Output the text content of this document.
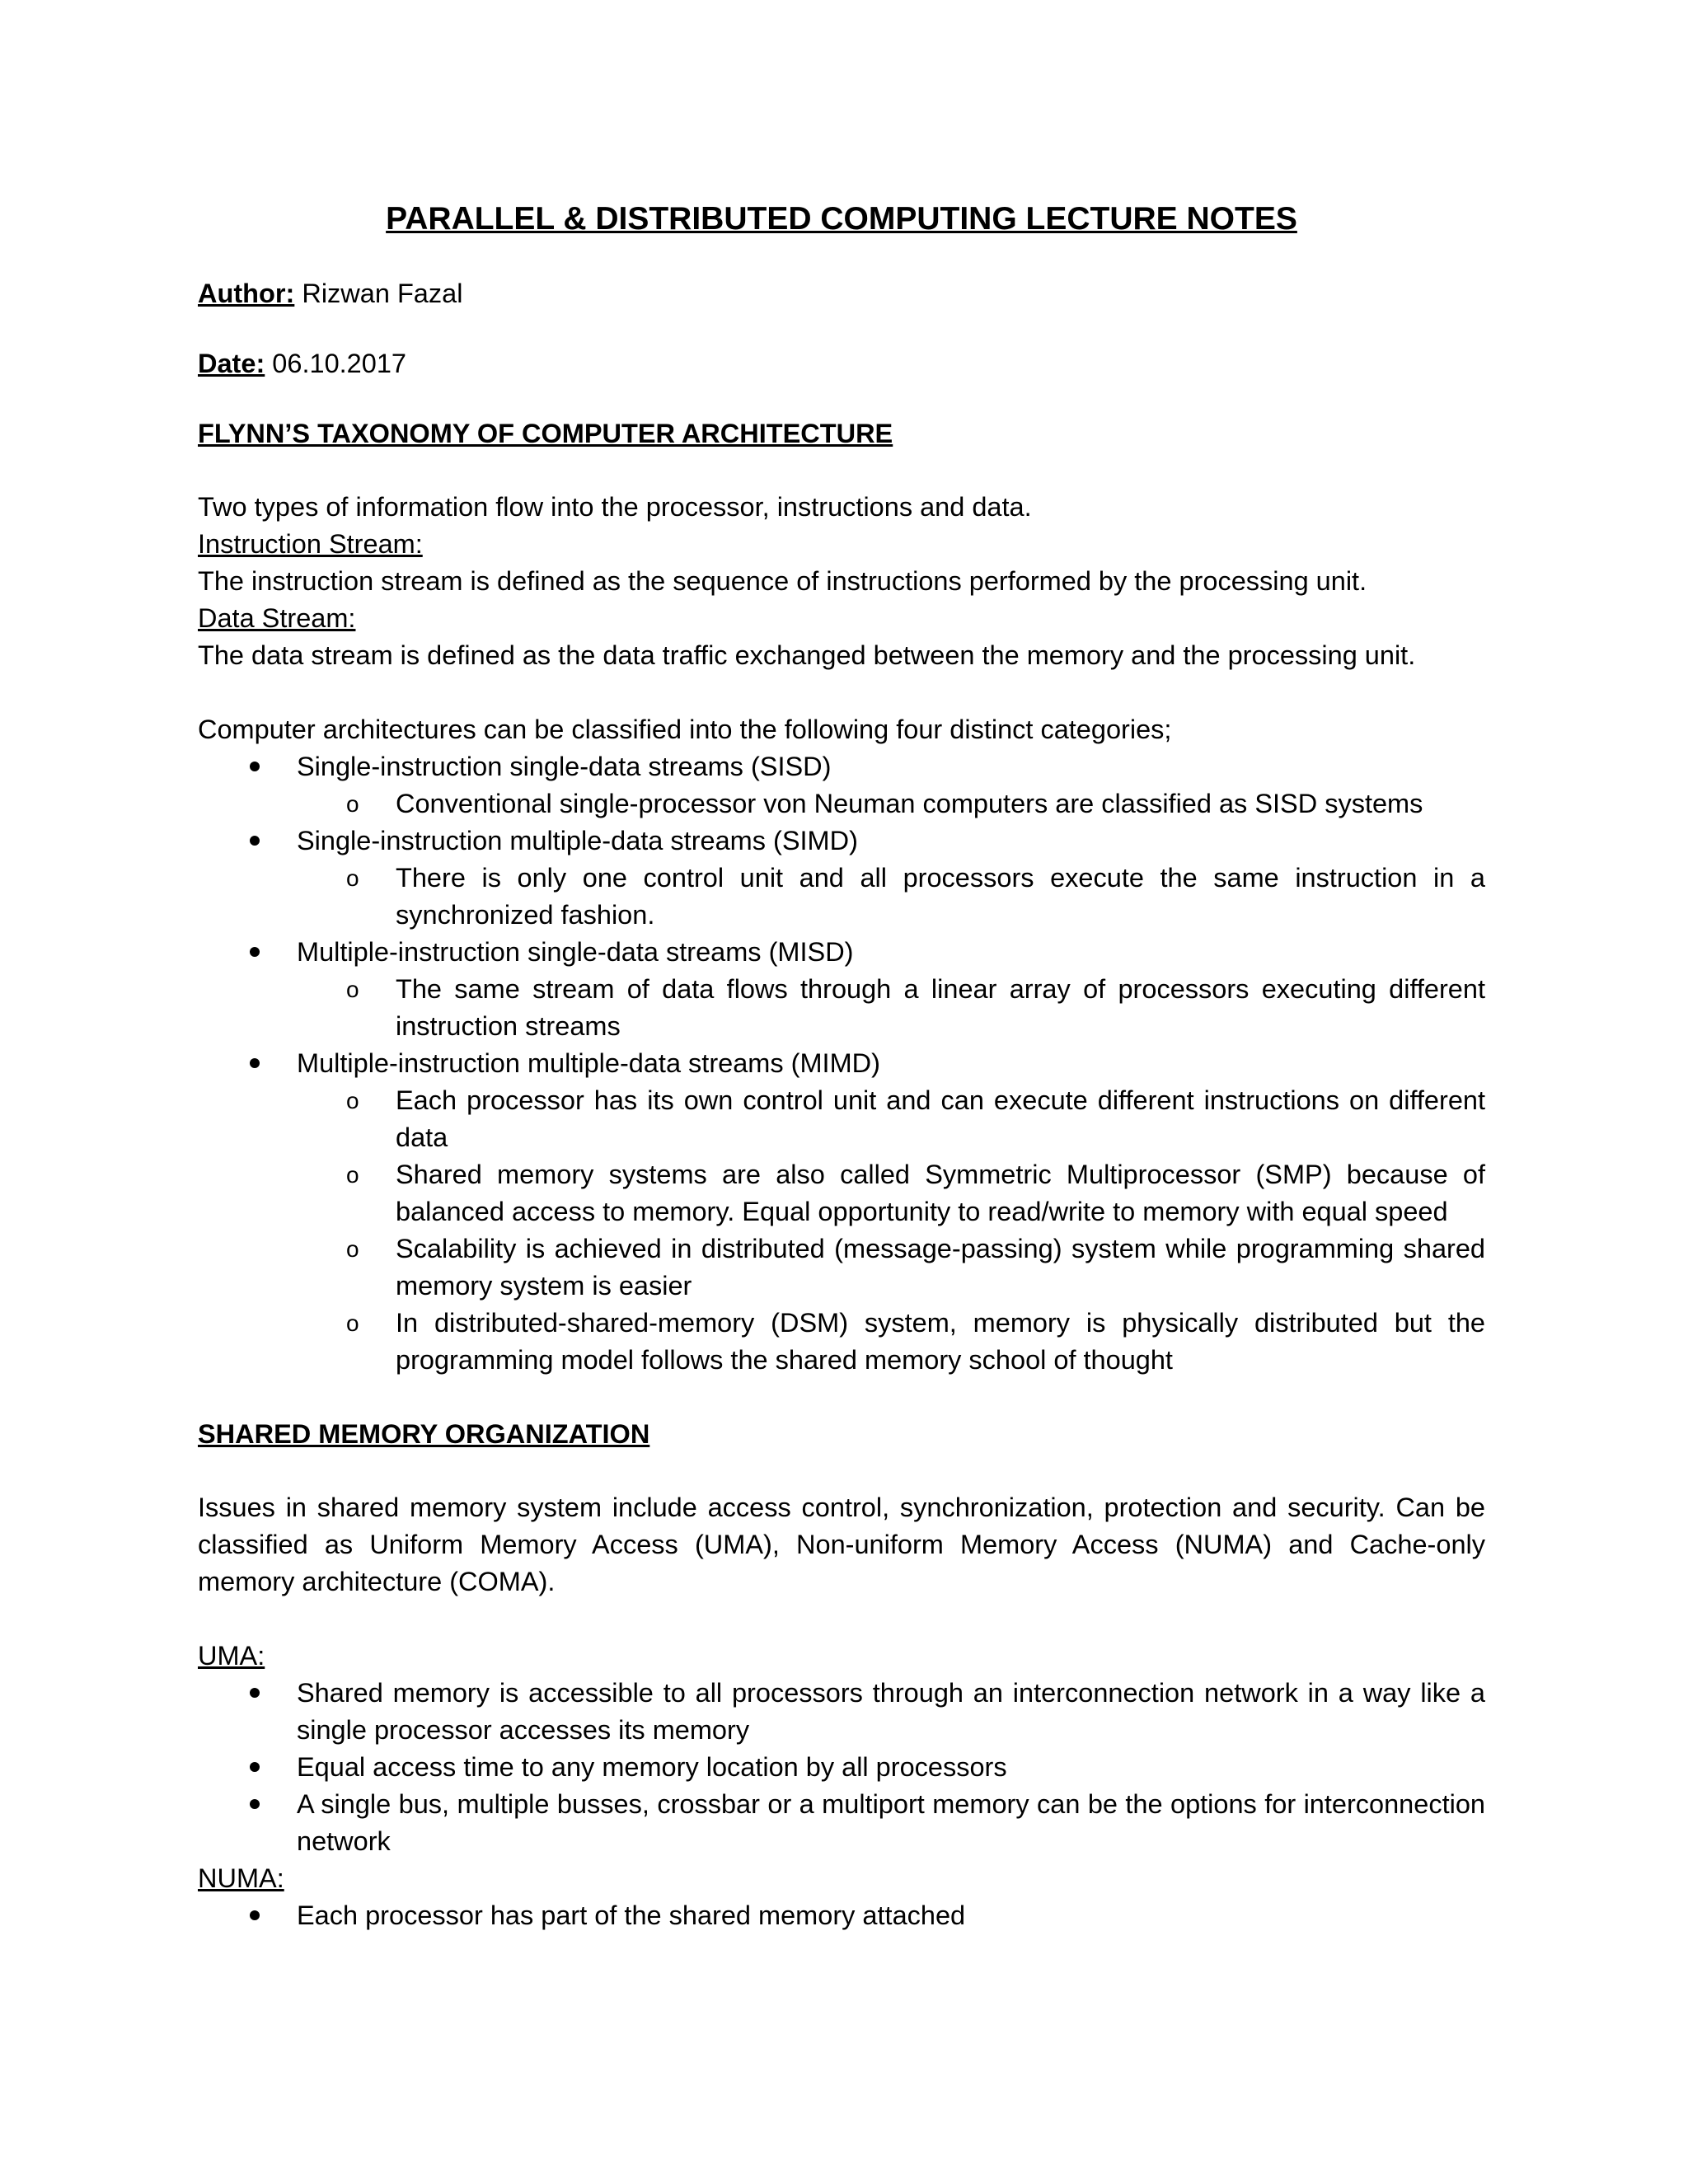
PARALLEL & DISTRIBUTED COMPUTING LECTURE NOTES

Author: Rizwan Fazal

Date: 06.10.2017

FLYNN’S TAXONOMY OF COMPUTER ARCHITECTURE

Two types of information flow into the processor, instructions and data.

Instruction Stream:

The instruction stream is defined as the sequence of instructions performed by the processing unit.

Data Stream:

The data stream is defined as the data traffic exchanged between the memory and the processing unit.

Computer architectures can be classified into the following four distinct categories;

Single-instruction single-data streams (SISD)
o Conventional single-processor von Neuman computers are classified as SISD systems
Single-instruction multiple-data streams (SIMD)
o There is only one control unit and all processors execute the same instruction in a synchronized fashion.
Multiple-instruction single-data streams (MISD)
o The same stream of data flows through a linear array of processors executing different instruction streams
Multiple-instruction multiple-data streams (MIMD)
o Each processor has its own control unit and can execute different instructions on different data
o Shared memory systems are also called Symmetric Multiprocessor (SMP) because of balanced access to memory. Equal opportunity to read/write to memory with equal speed
o Scalability is achieved in distributed (message-passing) system while programming shared memory system is easier
o In distributed-shared-memory (DSM) system, memory is physically distributed but the programming model follows the shared memory school of thought
SHARED MEMORY ORGANIZATION

Issues in shared memory system include access control, synchronization, protection and security. Can be classified as Uniform Memory Access (UMA), Non-uniform Memory Access (NUMA) and Cache-only memory architecture (COMA).

UMA:

Shared memory is accessible to all processors through an interconnection network in a way like a single processor accesses its memory
Equal access time to any memory location by all processors
A single bus, multiple busses, crossbar or a multiport memory can be the options for interconnection network

NUMA:

Each processor has part of the shared memory attached
